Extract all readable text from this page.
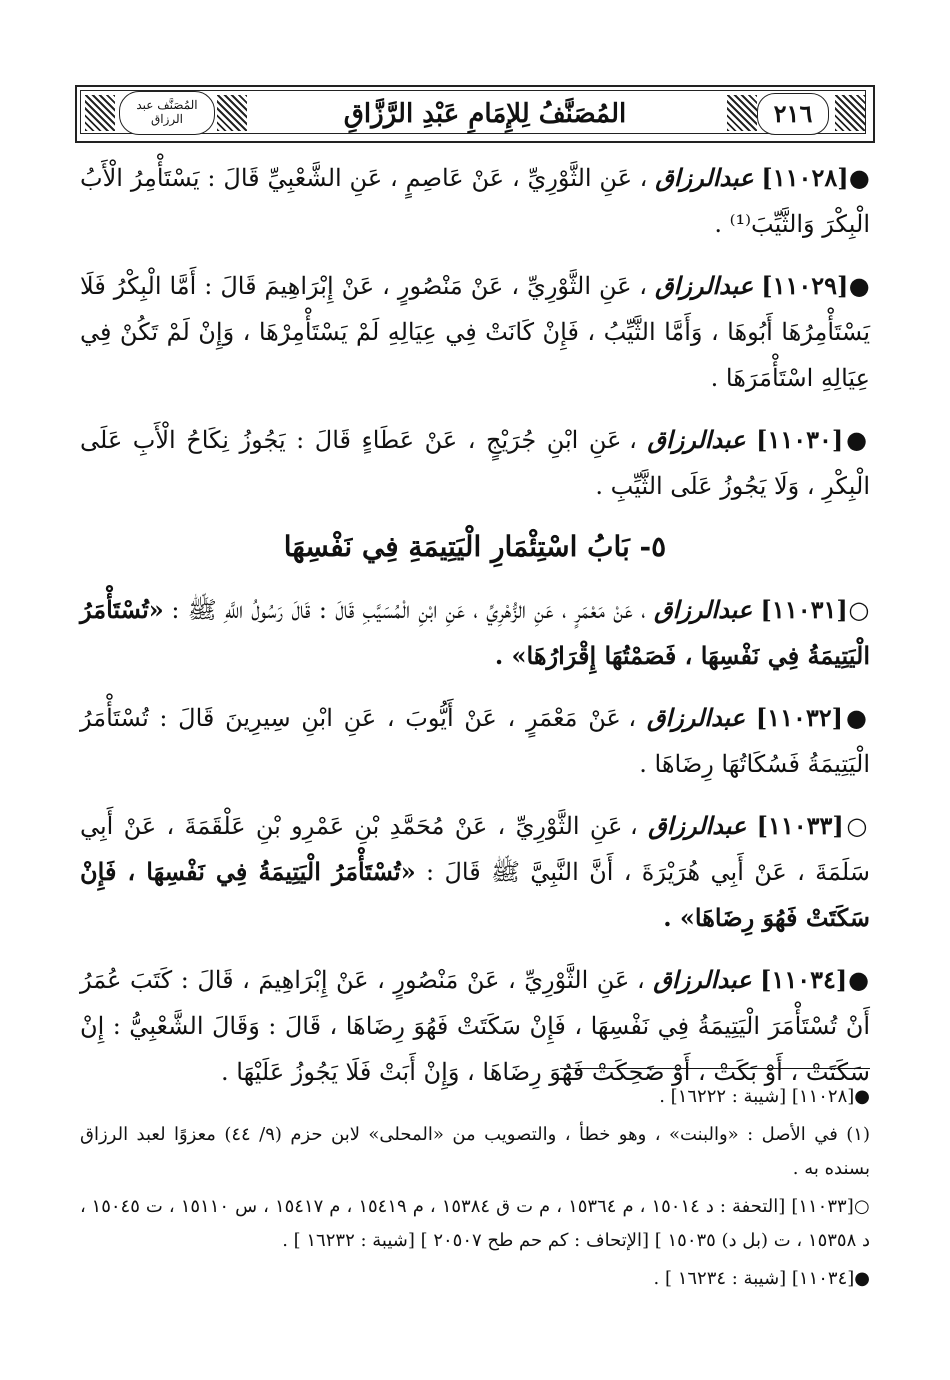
٢١٦
المُصَنَّف عبد الرزاق	المُصَنَّفُ لِلإِمَامِ عَبْدِ الرَّزَّاقِ

●[١١٠٢٨] عبدالرزاق ، عَنِ الثَّوْرِيِّ ، عَنْ عَاصِمٍ ، عَنِ الشَّعْبِيِّ قَالَ : يَسْتَأْمِرُ الْأَبُ الْبِكْرَ وَالثَّيِّبَ⁽¹⁾ .

●[١١٠٢٩] عبدالرزاق ، عَنِ الثَّوْرِيِّ ، عَنْ مَنْصُورٍ ، عَنْ إِبْرَاهِيمَ قَالَ : أَمَّا الْبِكْرُ فَلَا يَسْتَأْمِرُهَا أَبُوهَا ، وَأَمَّا الثَّيِّبُ ، فَإِنْ كَانَتْ فِي عِيَالِهِ لَمْ يَسْتَأْمِرْهَا ، وَإِنْ لَمْ تَكُنْ فِي عِيَالِهِ اسْتَأْمَرَهَا .

●[١١٠٣٠] عبدالرزاق ، عَنِ ابْنِ جُرَيْجٍ ، عَنْ عَطَاءٍ قَالَ : يَجُوزُ نِكَاحُ الْأَبِ عَلَى الْبِكْرِ ، وَلَا يَجُوزُ عَلَى الثَّيِّبِ .

٥- بَابُ اسْتِئْمَارِ الْيَتِيمَةِ فِي نَفْسِهَا

○[١١٠٣١] عبدالرزاق ، عَنْ مَعْمَرٍ ، عَنِ الزُّهْرِيِّ ، عَنِ ابْنِ الْمُسَيَّبِ قَالَ : قَالَ رَسُولُ اللَّهِ ﷺ : «تُسْتَأْمَرُ الْيَتِيمَةُ فِي نَفْسِهَا ، فَصَمْتُهَا إِقْرَارُهَا» .

●[١١٠٣٢] عبدالرزاق ، عَنْ مَعْمَرٍ ، عَنْ أَيُّوبَ ، عَنِ ابْنِ سِيرِينَ قَالَ : تُسْتَأْمَرُ الْيَتِيمَةُ فَسُكَاتُهَا رِضَاهَا .

○[١١٠٣٣] عبدالرزاق ، عَنِ الثَّوْرِيِّ ، عَنْ مُحَمَّدِ بْنِ عَمْرِو بْنِ عَلْقَمَةَ ، عَنْ أَبِي سَلَمَةَ ، عَنْ أَبِي هُرَيْرَةَ ، أَنَّ النَّبِيَّ ﷺ قَالَ : «تُسْتَأْمَرُ الْيَتِيمَةُ فِي نَفْسِهَا ، فَإِنْ سَكَتَتْ فَهُوَ رِضَاهَا» .

●[١١٠٣٤] عبدالرزاق ، عَنِ الثَّوْرِيِّ ، عَنْ مَنْصُورٍ ، عَنْ إِبْرَاهِيمَ ، قَالَ : كَتَبَ عُمَرُ أَنْ تُسْتَأْمَرَ الْيَتِيمَةُ فِي نَفْسِهَا ، فَإِنْ سَكَتَتْ فَهُوَ رِضَاهَا ، قَالَ : وَقَالَ الشَّعْبِيُّ : إِنْ سَكَتَتْ ، أَوْ بَكَتْ ، أَوْ ضَحِكَتْ فَهُوَ رِضَاهَا ، وَإِنْ أَبَتْ فَلَا يَجُوزُ عَلَيْهَا .

●[١١٠٢٨] [شيبة : ١٦٢٢٢] .

(١) في الأصل : «والبنت» ، وهو خطأ ، والتصويب من «المحلى» لابن حزم (٩/ ٤٤) معزوًا لعبد الرزاق بسنده به .

○[١١٠٣٣] [التحفة : د ١٥٠١٤ ، م ١٥٣٦٤ ، م ت ق ١٥٣٨٤ ، م ١٥٤١٩ ، م ١٥٤١٧ ، س ١٥١١٠ ، ت ١٥٠٤٥ ، د ١٥٣٥٨ ، ت (بل د) ١٥٠٣٥ ] [الإتحاف : كم حم طح ٢٠٥٠٧ ] [شيبة : ١٦٢٣٢ ] .

●[١١٠٣٤] [شيبة : ١٦٢٣٤ ] .
